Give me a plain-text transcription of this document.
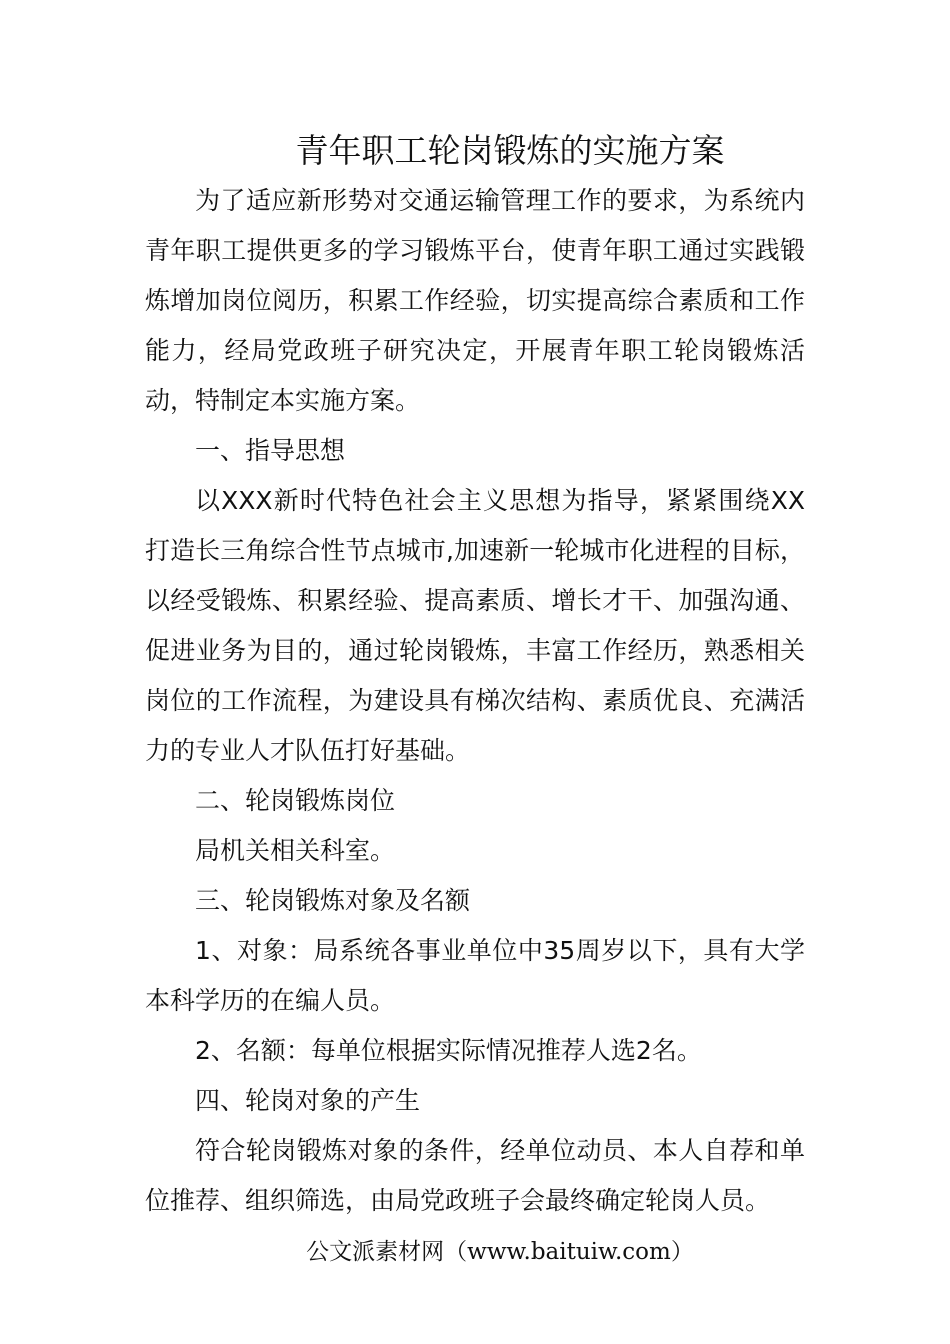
青年职工轮岗锻炼的实施方案

为了适应新形势对交通运输管理工作的要求，为系统内青年职工提供更多的学习锻炼平台，使青年职工通过实践锻炼增加岗位阅历，积累工作经验，切实提高综合素质和工作能力，经局党政班子研究决定，开展青年职工轮岗锻炼活动，特制定本实施方案。

一、指导思想

以XXX新时代特色社会主义思想为指导，紧紧围绕XX打造长三角综合性节点城市,加速新一轮城市化进程的目标，以经受锻炼、积累经验、提高素质、增长才干、加强沟通、促进业务为目的，通过轮岗锻炼，丰富工作经历，熟悉相关岗位的工作流程，为建设具有梯次结构、素质优良、充满活力的专业人才队伍打好基础。

二、轮岗锻炼岗位

局机关相关科室。

三、轮岗锻炼对象及名额

1、对象：局系统各事业单位中35周岁以下，具有大学本科学历的在编人员。

2、名额：每单位根据实际情况推荐人选2名。

四、轮岗对象的产生

符合轮岗锻炼对象的条件，经单位动员、本人自荐和单位推荐、组织筛选，由局党政班子会最终确定轮岗人员。

公文派素材网（www.baituiw.com）
